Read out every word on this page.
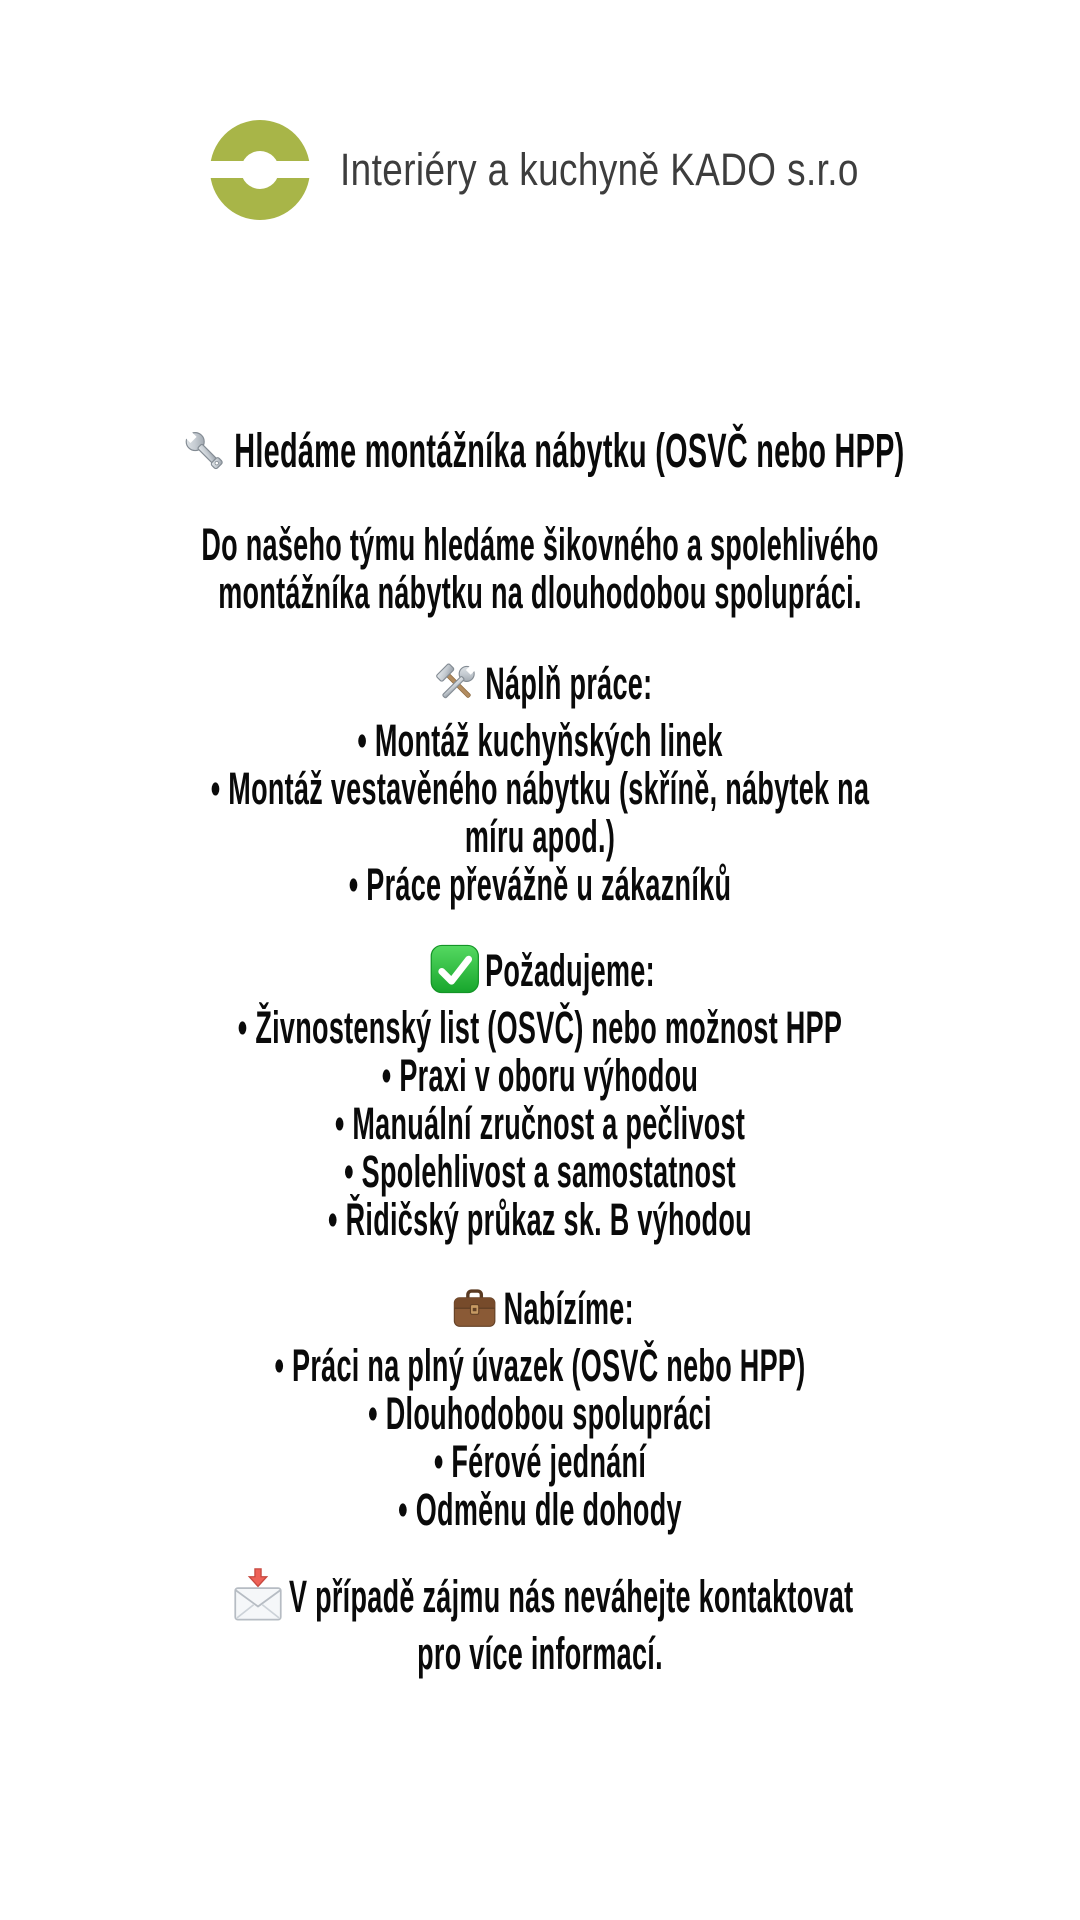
Interiéry a kuchyně KADO s.r.o
Hledáme montážníka nábytku (OSVČ nebo HPP)
Do našeho týmu hledáme šikovného a spolehlivého
montážníka nábytku na dlouhodobou spolupráci.
Náplň práce:
• Montáž kuchyňských linek
• Montáž vestavěného nábytku (skříně, nábytek na
míru apod.)
• Práce převážně u zákazníků
Požadujeme:
• Živnostenský list (OSVČ) nebo možnost HPP
• Praxi v oboru výhodou
• Manuální zručnost a pečlivost
• Spolehlivost a samostatnost
• Řidičský průkaz sk. B výhodou
Nabízíme:
• Práci na plný úvazek (OSVČ nebo HPP)
• Dlouhodobou spolupráci
• Férové jednání
• Odměnu dle dohody
V případě zájmu nás neváhejte kontaktovat
pro více informací.
